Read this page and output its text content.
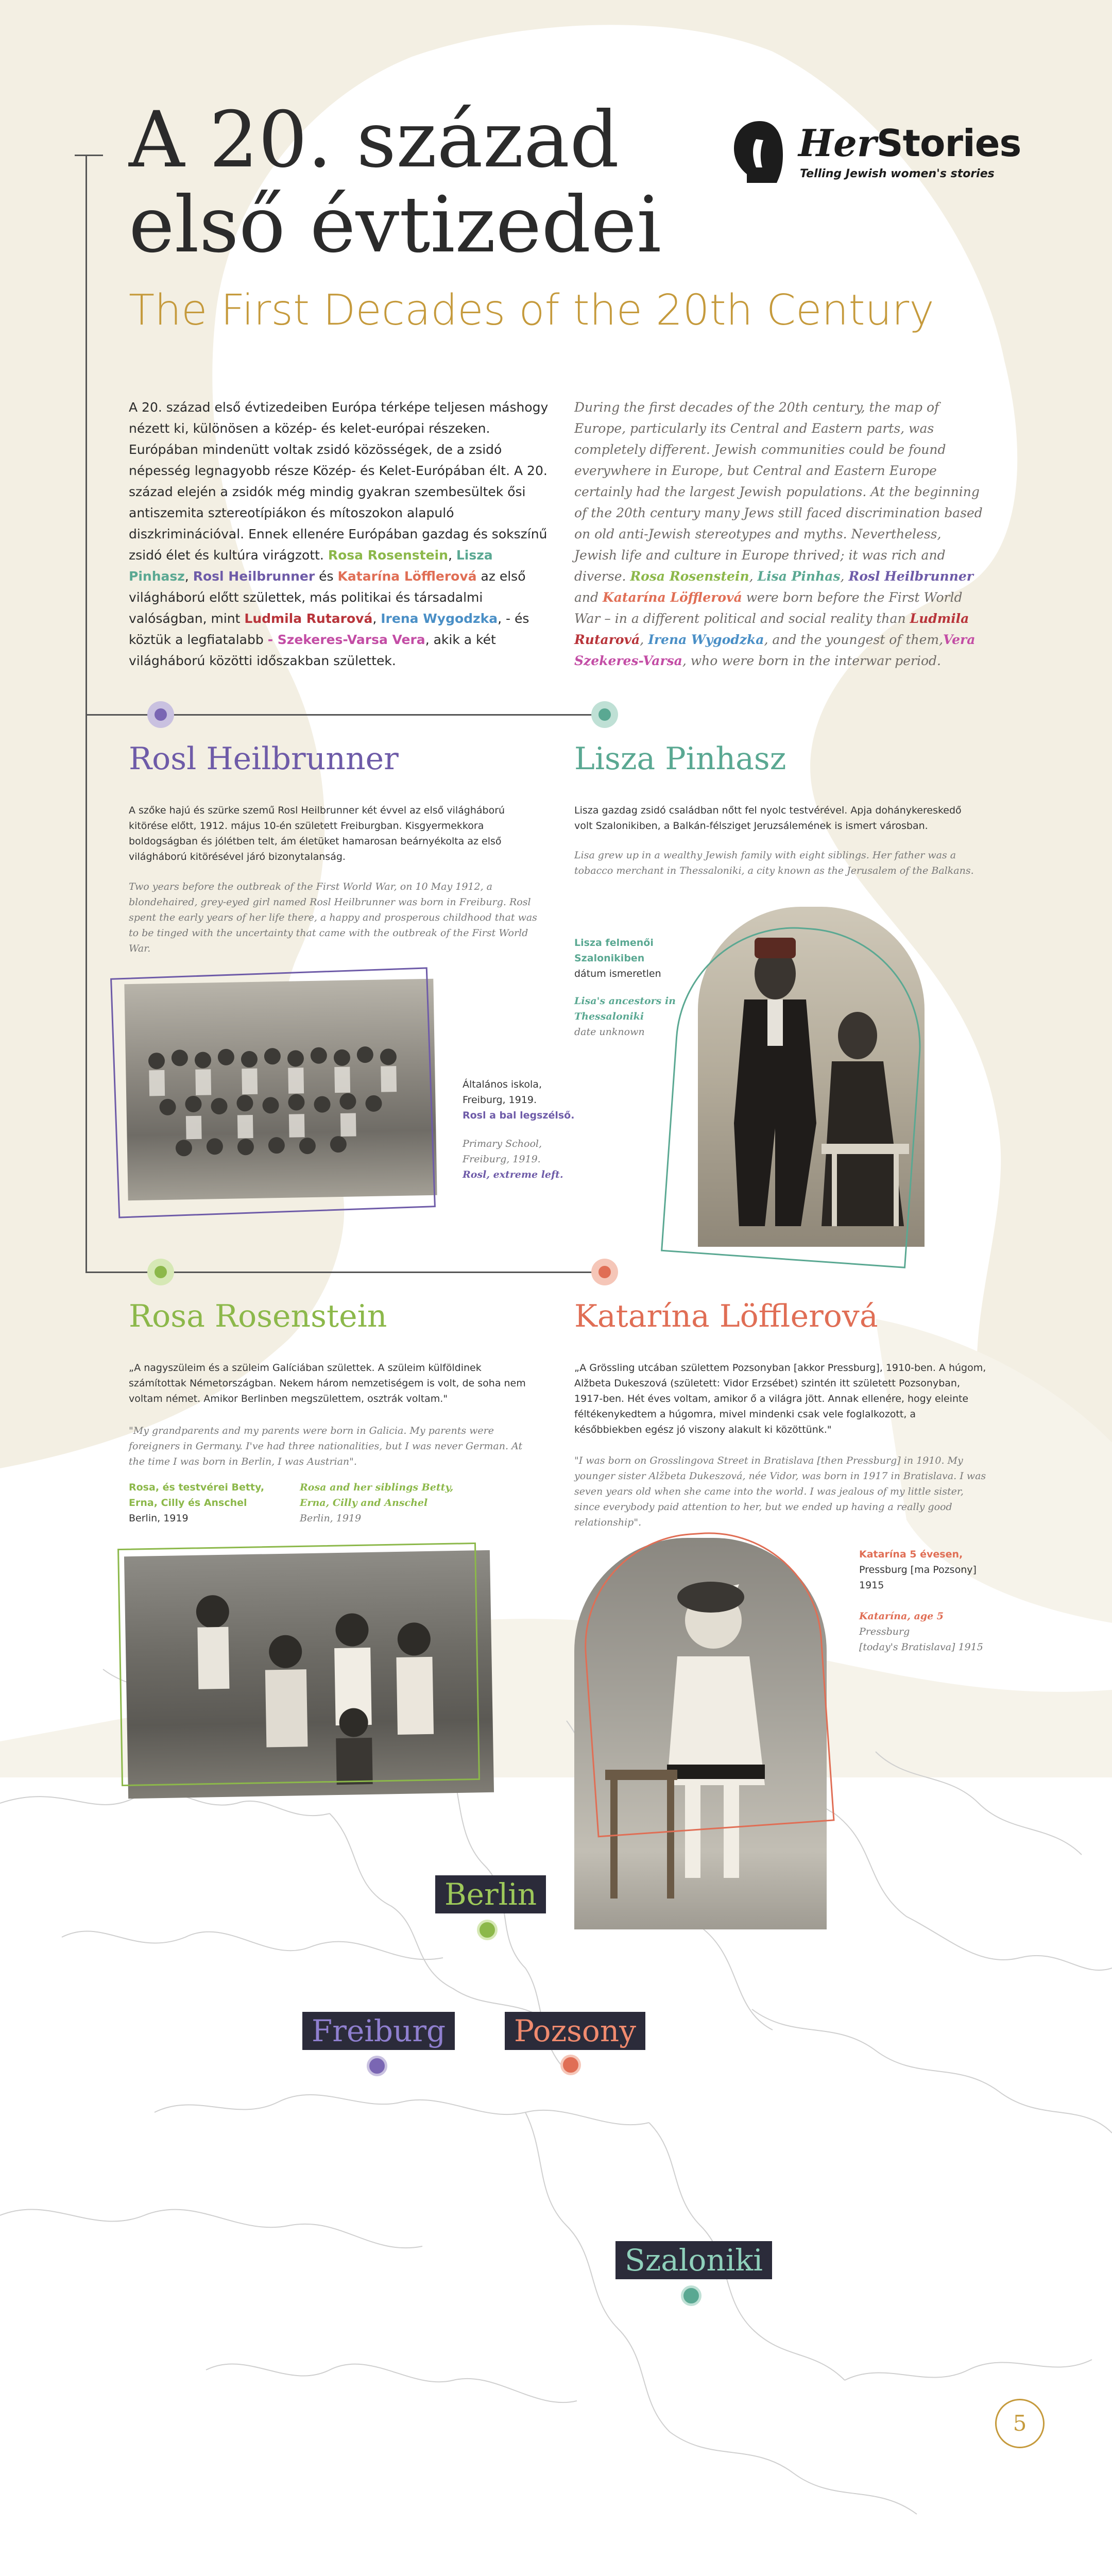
A 20. század
első évtizedei
The First Decades of the 20th Century
HerStories
Telling Jewish women's stories

A 20. század első évtizedeiben Európa térképe teljesen máshogy nézett ki, különösen a közép- és kelet-európai részeken. Európában mindenütt voltak zsidó közösségek, de a zsidó népesség legnagyobb része Közép- és Kelet-Európában élt. A 20. század elején a zsidók még mindig gyakran szembesültek ősi antiszemita sztereotípiákon és mítoszokon alapuló diszkriminációval. Ennek ellenére Európában gazdag és sokszínű zsidó élet és kultúra virágzott. Rosa Rosenstein, Lisza Pinhasz, Rosl Heilbrunner és Katarína Löfflerová az első világháború előtt születtek, más politikai és társadalmi valóságban, mint Ludmila Rutarová, Irena Wygodzka, - és köztük a legfiatalabb - Szekeres-Varsa Vera, akik a két világháború közötti időszakban születtek.

During the first decades of the 20th century, the map of Europe, particularly its Central and Eastern parts, was completely different. Jewish communities could be found everywhere in Europe, but Central and Eastern Europe certainly had the largest Jewish populations. At the beginning of the 20th century many Jews still faced discrimination based on old anti-Jewish stereotypes and myths. Nevertheless, Jewish life and culture in Europe thrived; it was rich and diverse. Rosa Rosenstein, Lisa Pinhas, Rosl Heilbrunner and Katarína Löfflerová were born before the First World War – in a different political and social reality than Ludmila Rutarová, Irena Wygodzka, and the youngest of them,Vera Szekeres-Varsa, who were born in the interwar period.

Rosl Heilbrunner

A szőke hajú és szürke szemű Rosl Heilbrunner két évvel az első világháború kitörése előtt, 1912. május 10-én született Freiburgban. Kisgyermekkora boldogságban és jólétben telt, ám életüket hamarosan beárnyékolta az első világháború kitörésével járó bizonytalanság.

Two years before the outbreak of the First World War, on 10 May 1912, a blondehaired, grey-eyed girl named Rosl Heilbrunner was born in Freiburg. Rosl spent the early years of her life there, a happy and prosperous childhood that was to be tinged with the uncertainty that came with the outbreak of the First World War.

Általános iskola,
Freiburg, 1919.
Rosl a bal legszélső.

Primary School,
Freiburg, 1919.
Rosl, extreme left.

Lisza Pinhasz

Lisza gazdag zsidó családban nőtt fel nyolc testvérével. Apja dohánykereskedő volt Szalonikiben, a Balkán-félsziget Jeruzsálemének is ismert városban.

Lisa grew up in a wealthy Jewish family with eight siblings. Her father was a tobacco merchant in Thessaloniki, a city known as the Jerusalem of the Balkans.

Lisza felmenői
Szalonikiben
dátum ismeretlen

Lisa's ancestors in
Thessaloniki
date unknown

Rosa Rosenstein

„A nagyszüleim és a szüleim Galíciában születtek. A szüleim külföldinek számítottak Németországban. Nekem három nemzetiségem is volt, de soha nem voltam német. Amikor Berlinben megszülettem, osztrák voltam."

"My grandparents and my parents were born in Galicia. My parents were foreigners in Germany. I've had three nationalities, but I was never German. At the time I was born in Berlin, I was Austrian".

Rosa, és testvérei Betty,
Erna, Cilly és Anschel
Berlin, 1919

Rosa and her siblings Betty,
Erna, Cilly and Anschel
Berlin, 1919

Katarína Löfflerová

„A Grössling utcában születtem Pozsonyban [akkor Pressburg], 1910-ben. A húgom, Alžbeta Dukeszová (született: Vidor Erzsébet) szintén itt született Pozsonyban, 1917-ben. Hét éves voltam, amikor ő a világra jött. Annak ellenére, hogy eleinte féltékenykedtem a húgomra, mivel mindenki csak vele foglalkozott, a későbbiekben egész jó viszony alakult ki közöttünk."

"I was born on Grosslingova Street in Bratislava [then Pressburg] in 1910. My younger sister Alžbeta Dukeszová, née Vidor, was born in 1917 in Bratislava. I was seven years old when she came into the world. I was jealous of my little sister, since everybody paid attention to her, but we ended up having a really good relationship".

Katarína 5 évesen,
Pressburg [ma Pozsony]
1915

Katarína, age 5
Pressburg
[today's Bratislava] 1915

Berlin
Freiburg	Pozsony
Szaloniki
5
